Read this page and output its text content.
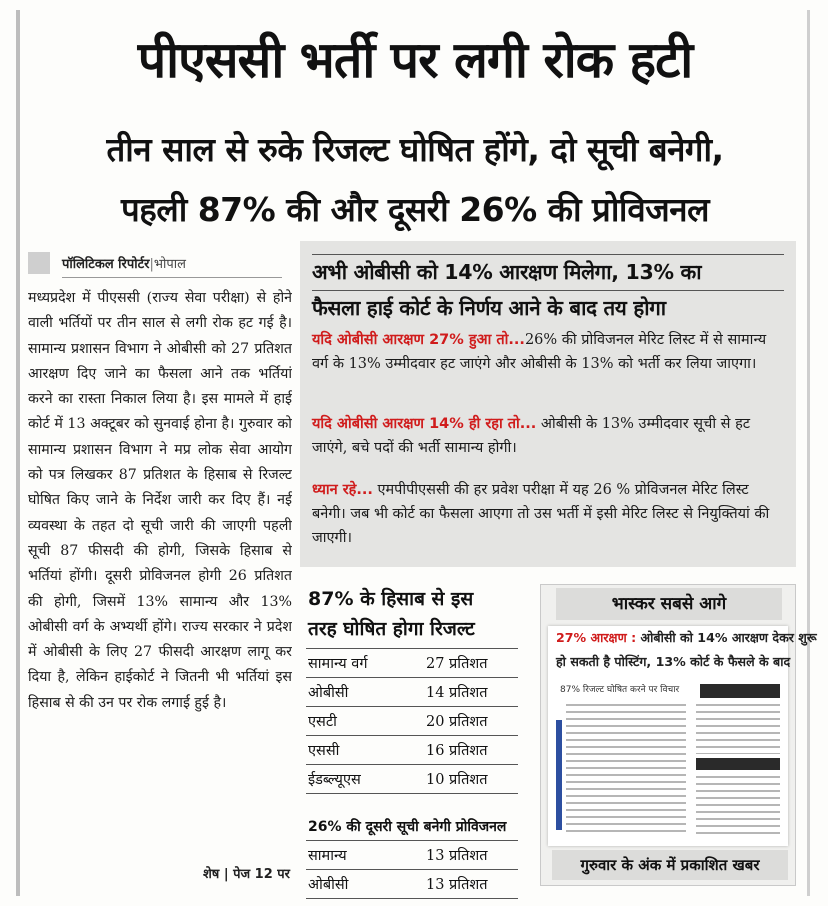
पीएससी भर्ती पर लगी रोक हटी
तीन साल से रुके रिजल्ट घोषित होंगे, दो सूची बनेगी,
पहली 87% की और दूसरी 26% की प्रोविजनल
पॉलिटिकल रिपोर्टर|भोपाल
मध्यप्रदेश में पीएससी (राज्य सेवा परीक्षा) से होने वाली भर्तियों पर तीन साल से लगी रोक हट गई है। सामान्य प्रशासन विभाग ने ओबीसी को 27 प्रतिशत आरक्षण दिए जाने का फैसला आने तक भर्तियां करने का रास्ता निकाल लिया है। इस मामले में हाई कोर्ट में 13 अक्टूबर को सुनवाई होना है। गुरुवार को सामान्य प्रशासन विभाग ने मप्र लोक सेवा आयोग को पत्र लिखकर 87 प्रतिशत के हिसाब से रिजल्ट घोषित किए जाने के निर्देश जारी कर दिए हैं। नई व्यवस्था के तहत दो सूची जारी की जाएगी पहली सूची 87 फीसदी की होगी, जिसके हिसाब से भर्तियां होंगी। दूसरी प्रोविजनल होगी 26 प्रतिशत की होगी, जिसमें 13% सामान्य और 13% ओबीसी वर्ग के अभ्यर्थी होंगे। राज्य सरकार ने प्रदेश में ओबीसी के लिए 27 फीसदी आरक्षण लागू कर दिया है, लेकिन हाईकोर्ट ने जितनी भी भर्तियां इस हिसाब से की उन पर रोक लगाई हुई है।
शेष | पेज 12 पर
अभी ओबीसी को 14% आरक्षण मिलेगा, 13% का
फैसला हाई कोर्ट के निर्णय आने के बाद तय होगा
यदि ओबीसी आरक्षण 27% हुआ तो...26% की प्रोविजनल मेरिट लिस्ट में से सामान्य वर्ग के 13% उम्मीदवार हट जाएंगे और ओबीसी के 13% को भर्ती कर लिया जाएगा।
यदि ओबीसी आरक्षण 14% ही रहा तो... ओबीसी के 13% उम्मीदवार सूची से हट जाएंगे, बचे पदों की भर्ती सामान्य होगी।
ध्यान रहे... एमपीपीएससी की हर प्रवेश परीक्षा में यह 26 % प्रोविजनल मेरिट लिस्ट बनेगी। जब भी कोर्ट का फैसला आएगा तो उस भर्ती में इसी मेरिट लिस्ट से नियुक्तियां की जाएगी।
87% के हिसाब से इस
तरह घोषित होगा रिजल्ट
सामान्य वर्ग	27 प्रतिशत
ओबीसी	14 प्रतिशत
एसटी	20 प्रतिशत
एससी	16 प्रतिशत
ईडब्ल्यूएस	10 प्रतिशत
26% की दूसरी सूची बनेगी प्रोविजनल
सामान्य	13 प्रतिशत
ओबीसी	13 प्रतिशत
भास्कर सबसे आगे
27% आरक्षण : ओबीसी को 14% आरक्षण देकर शुरू
हो सकती है पोस्टिंग, 13% कोर्ट के फैसले के बाद
87% रिजल्ट घोषित करने पर विचार
गुरुवार के अंक में प्रकाशित खबर
